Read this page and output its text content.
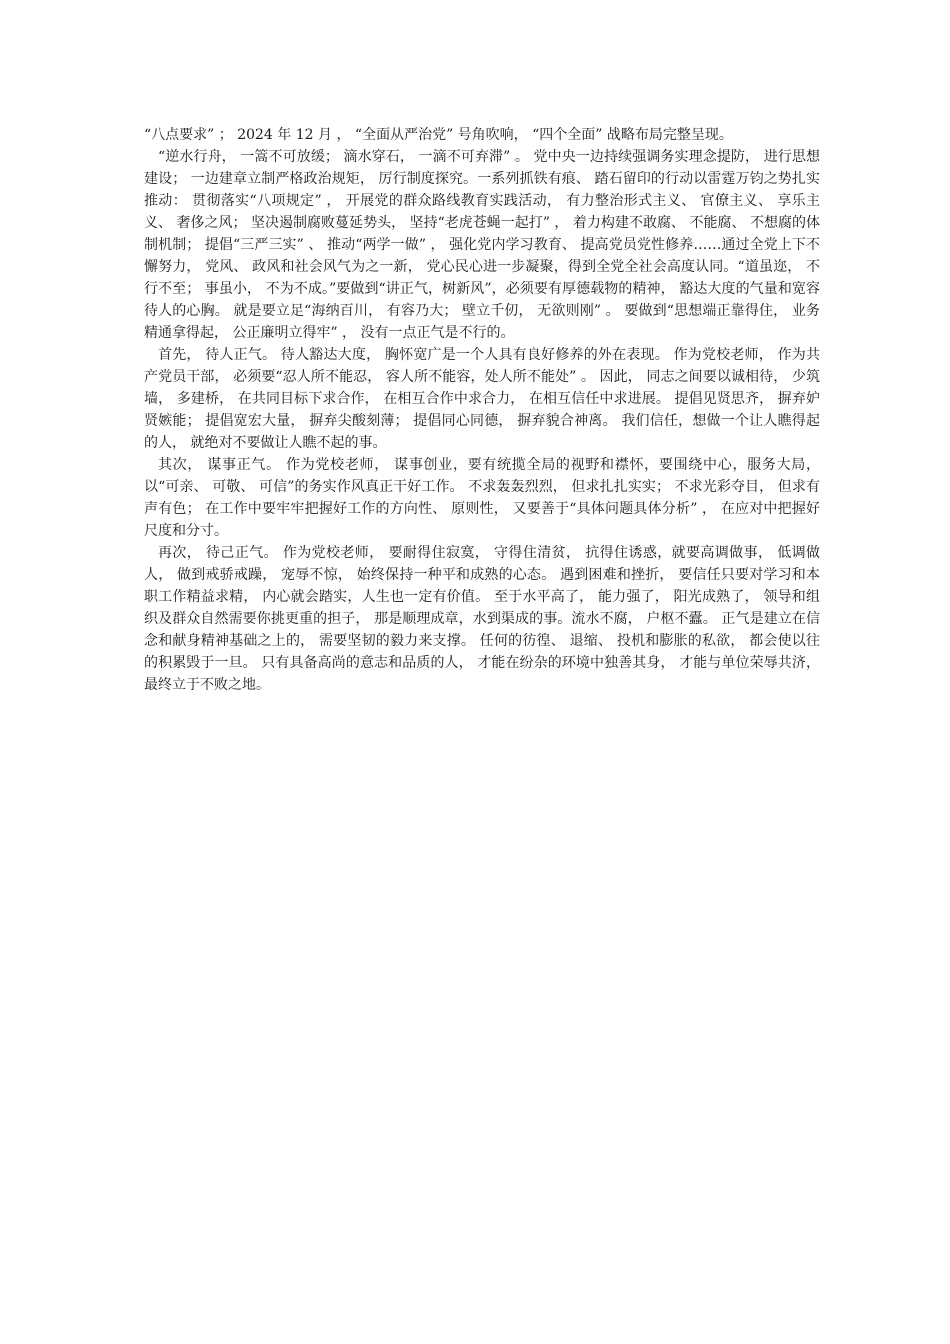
“八点要求” ； 2024 年 12 月 ， “全面从严治党” 号角吹响， “四个全面” 战略布局完整呈现。

“逆水行舟， 一篙不可放缓； 滴水穿石， 一滴不可弃滞” 。 党中央一边持续强调务实理念提防， 进行思想建设； 一边建章立制严格政治规矩， 厉行制度探究。一系列抓铁有痕、 踏石留印的行动以雷霆万钧之势扎实推动： 贯彻落实“八项规定” ， 开展党的群众路线教育实践活动， 有力整治形式主义、 官僚主义、 享乐主义、 奢侈之风； 坚决遏制腐败蔓延势头， 坚持“老虎苍蝇一起打” ， 着力构建不敢腐、 不能腐、 不想腐的体制机制； 提倡“三严三实” 、 推动“两学一做” ， 强化党内学习教育、 提高党员党性修养……通过全党上下不懈努力， 党风、 政风和社会风气为之一新， 党心民心进一步凝聚，得到全党全社会高度认同。“道虽迩， 不行不至； 事虽小， 不为不成。”要做到“讲正气，树新风”，必须要有厚德载物的精神， 豁达大度的气量和宽容待人的心胸。 就是要立足“海纳百川， 有容乃大； 壁立千仞， 无欲则刚” 。 要做到“思想端正靠得住， 业务精通拿得起， 公正廉明立得牢” ， 没有一点正气是不行的。

首先， 待人正气。 待人豁达大度， 胸怀宽广是一个人具有良好修养的外在表现。 作为党校老师， 作为共产党员干部， 必须要“忍人所不能忍， 容人所不能容，处人所不能处” 。 因此， 同志之间要以诚相待， 少筑墙， 多建桥， 在共同目标下求合作， 在相互合作中求合力， 在相互信任中求进展。 提倡见贤思齐， 摒弃妒贤嫉能； 提倡宽宏大量， 摒弃尖酸刻薄； 提倡同心同德， 摒弃貌合神离。 我们信任，想做一个让人瞧得起的人， 就绝对不要做让人瞧不起的事。

其次， 谋事正气。 作为党校老师， 谋事创业，要有统揽全局的视野和襟怀，要围绕中心，服务大局， 以“可亲、 可敬、 可信”的务实作风真正干好工作。 不求轰轰烈烈， 但求扎扎实实； 不求光彩夺目， 但求有声有色； 在工作中要牢牢把握好工作的方向性、 原则性， 又要善于“具体问题具体分析” ， 在应对中把握好尺度和分寸。

再次， 待己正气。 作为党校老师， 要耐得住寂寞， 守得住清贫， 抗得住诱惑，就要高调做事， 低调做人， 做到戒骄戒躁， 宠辱不惊， 始终保持一种平和成熟的心态。 遇到困难和挫折， 要信任只要对学习和本职工作精益求精， 内心就会踏实，人生也一定有价值。 至于水平高了， 能力强了， 阳光成熟了， 领导和组织及群众自然需要你挑更重的担子， 那是顺理成章，水到渠成的事。流水不腐， 户枢不蠹。 正气是建立在信念和献身精神基础之上的， 需要坚韧的毅力来支撑。 任何的彷徨、 退缩、 投机和膨胀的私欲， 都会使以往的积累毁于一旦。 只有具备高尚的意志和品质的人， 才能在纷杂的环境中独善其身， 才能与单位荣辱共济， 最终立于不败之地。
